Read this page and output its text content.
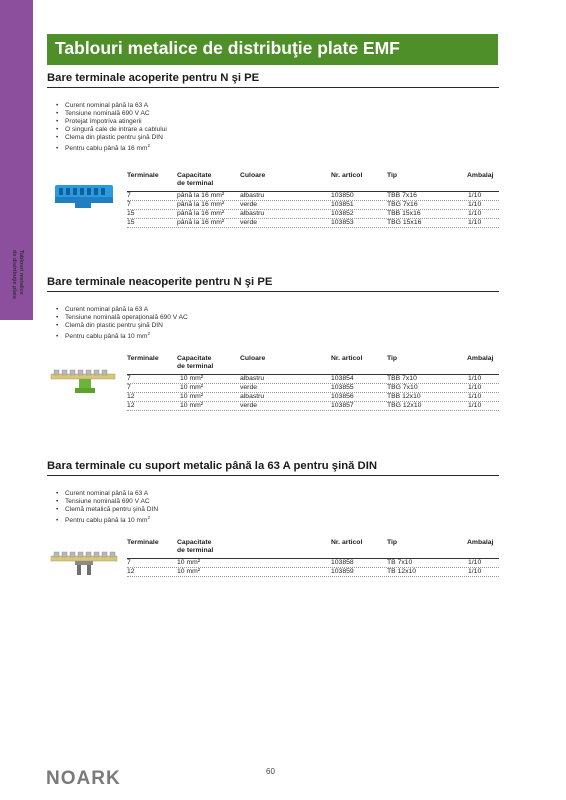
Tablouri metalice
de distribuţie plate
Tablouri metalice de distribuţie plate EMF
Bare terminale acoperite pentru N şi PE
• Curent nominal până la 63 A
• Tensiune nominală 690 V AC
• Protejat împotriva atingerii
• O singură cale de intrare a cablului
• Clema din plastic pentru şină DIN
• Pentru cablu până la 16 $mm^2$
Terminale	Capacitate
de terminal
Culoare	Nr. articol	Tip	Ambalaj
7	până la 16 mm² albastru	103850	TBB 7x16	1/10
7	până la 16 mm² verde	103851	TBG 7x16	1/10
15	până la 16 mm² albastru	103852	TBB 15x16	1/10
15	până la 16 mm² verde	103853	TBG 15x16	1/10
Bare terminale neacoperite pentru N şi PE
• Curent nominal până la 63 A
• Tensiune nominală operaţională 690 V AC
• Clemă din plastic pentru şină DIN
• Pentru cablu până la 10 $mm^2$
Terminale	Capacitate
de terminal
Culoare	Nr. articol	Tip	Ambalaj
7	10 mm²	albastru	103854	TBB 7x10	1/10
7	10 mm²	verde	103855	TBG 7x10	1/10
12	10 mm²	albastru	103856	TBB 12x10	1/10
12	10 mm²	verde	103857	TBG 12x10	1/10
Bara terminale cu suport metalic până la 63 A pentru şină DIN
• Curent nominal până la 63 A
• Tensiune nominală 690 V AC
• Clemă metalică pentru şină DIN
• Pentru cablu până la 10 $mm^2$
Terminale	Capacitate
de terminal
Nr. articol	Tip	Ambalaj
7	10 mm²	103858	TB 7x10	1/10
12	10 mm²	103859	TB 12x10	1/10
NOARK	60
